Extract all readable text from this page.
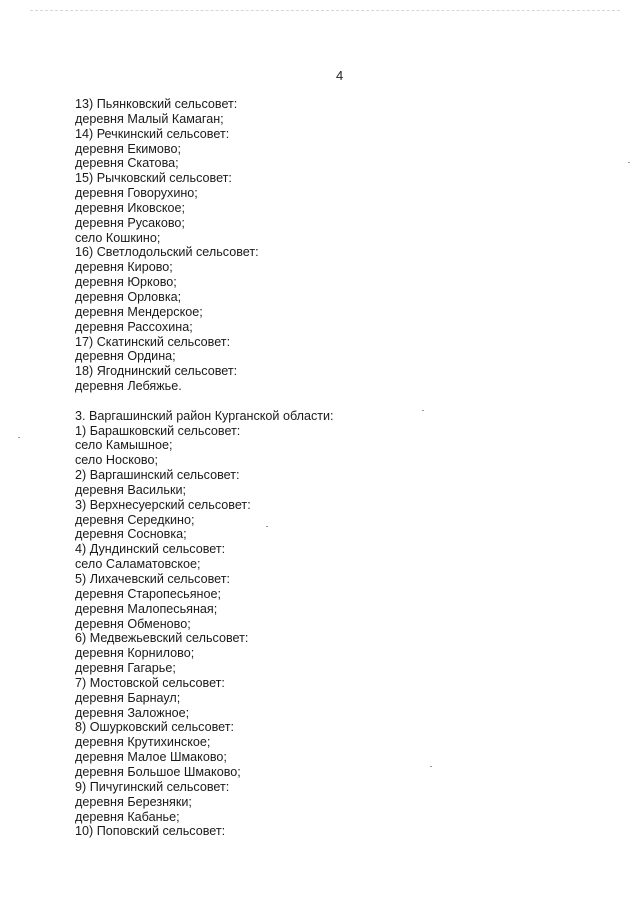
4
13) Пьянковский сельсовет:
деревня Малый Камаган;
14) Речкинский сельсовет:
деревня Екимово;
деревня Скатова;
15) Рычковский сельсовет:
деревня Говорухино;
деревня Иковское;
деревня Русаково;
село Кошкино;
16) Светлодольский сельсовет:
деревня Кирово;
деревня Юрково;
деревня Орловка;
деревня Мендерское;
деревня Рассохина;
17) Скатинский сельсовет:
деревня Ордина;
18) Ягоднинский сельсовет:
деревня Лебяжье.
3. Варгашинский район Курганской области:
1) Барашковский сельсовет:
село Камышное;
село Носково;
2) Варгашинский сельсовет:
деревня Васильки;
3) Верхнесуерский сельсовет:
деревня Середкино;
деревня Сосновка;
4) Дундинский сельсовет:
село Саламатовское;
5) Лихачевский сельсовет:
деревня Старопесьяное;
деревня Малопесьяная;
деревня Обменово;
6) Медвежьевский сельсовет:
деревня Корнилово;
деревня Гагарье;
7) Мостовской сельсовет:
деревня Барнаул;
деревня Заложное;
8) Ошурковский сельсовет:
деревня Крутихинское;
деревня Малое Шмаково;
деревня Большое Шмаково;
9) Пичугинский сельсовет:
деревня Березняки;
деревня Кабанье;
10) Поповский сельсовет:
